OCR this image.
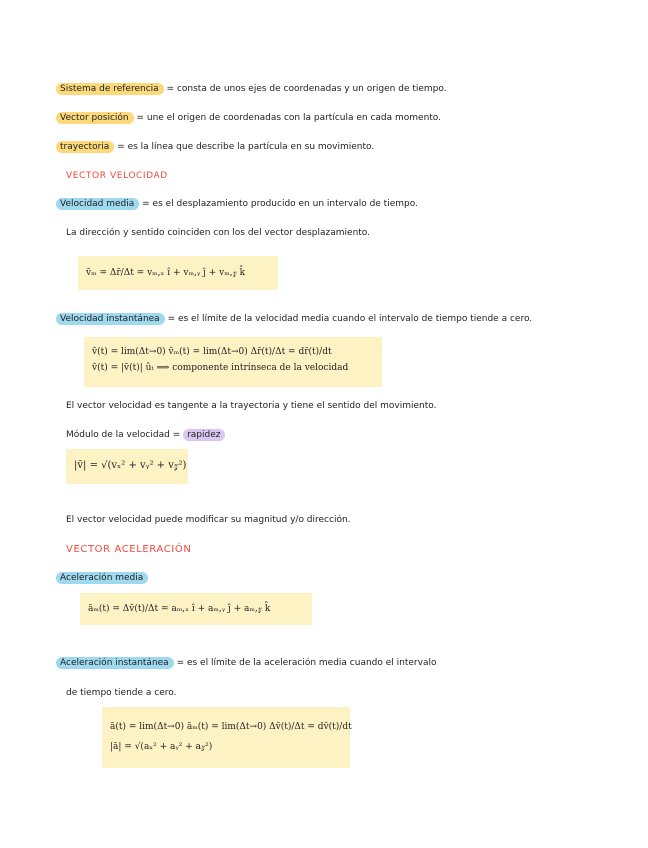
Sistema de referencia = consta de unos ejes de coordenadas y un origen de tiempo.
Vector posición = une el origen de coordenadas con la partícula en cada momento.
trayectoria = es la línea que describe la partícula en su movimiento.
VECTOR VELOCIDAD
Velocidad media = es el desplazamiento producido en un intervalo de tiempo.
La dirección y sentido coinciden con los del vector desplazamiento.
v̄ₘ = Δr̄/Δt = vₘ,ₓ î + vₘ,ᵧ ĵ + vₘ,𝓏 k̂
Velocidad instantánea = es el límite de la velocidad media cuando el intervalo de tiempo tiende a cero.
v̄(t) = lim(Δt→0) v̄ₘ(t) = lim(Δt→0) Δr̄(t)/Δt = dr̄(t)/dt
v̄(t) = |v̄(t)| ûₜ ⟹ componente intrínseca de la velocidad
El vector velocidad es tangente a la trayectoria y tiene el sentido del movimiento.
Módulo de la velocidad = rapidez
|v̄| = √(vₓ² + vᵧ² + v𝓏²)
El vector velocidad puede modificar su magnitud y/o dirección.
VECTOR ACELERACIÓN
Aceleración media
āₘ(t) = Δv̄(t)/Δt = aₘ,ₓ î + aₘ,ᵧ ĵ + aₘ,𝓏 k̂
Aceleración instantánea = es el límite de la aceleración media cuando el intervalo
de tiempo tiende a cero.
ā(t) = lim(Δt→0) āₘ(t) = lim(Δt→0) Δv̄(t)/Δt = dv̄(t)/dt
|ā| = √(aₓ² + aᵧ² + a𝓏²)
